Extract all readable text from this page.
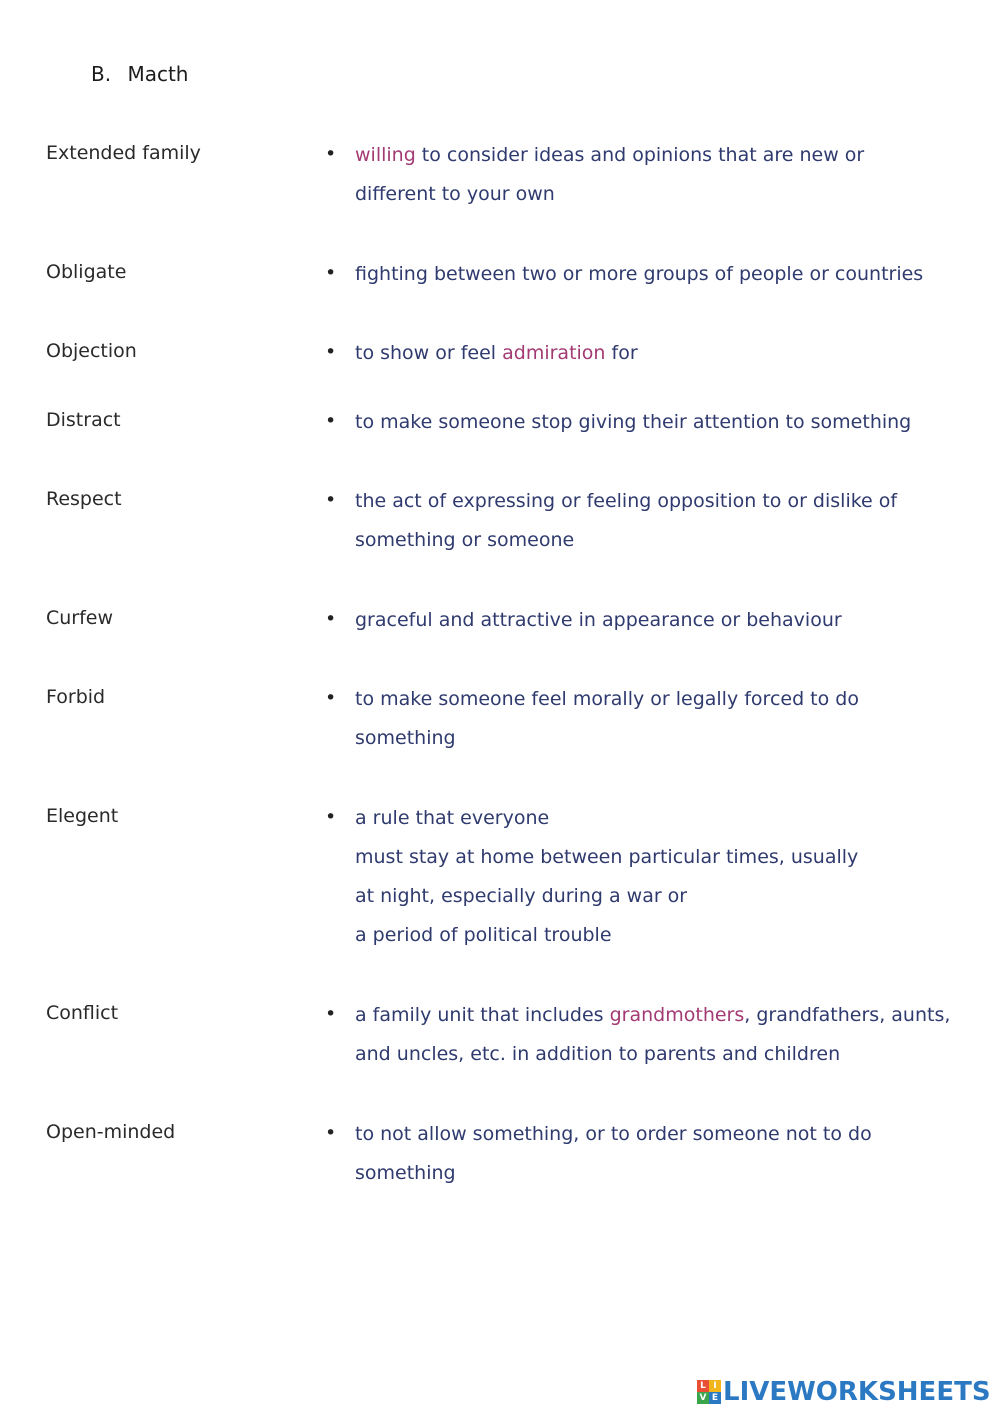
B. Macth
Extended family	• willing to consider ideas and opinions that are new or
different to your own
Obligate	• fighting between two or more groups of people or countries
Objection	• to show or feel admiration for
Distract	• to make someone stop giving their attention to something
Respect	• the act of expressing or feeling opposition to or dislike of
something or someone
Curfew	• graceful and attractive in appearance or behaviour
Forbid	• to make someone feel morally or legally forced to do
something
Elegent	• a rule that everyone
must stay at home between particular times, usually
at night, especially during a war or
a period of political trouble
Conflict	• a family unit that includes grandmothers, grandfathers, aunts,
and uncles, etc. in addition to parents and children
Open-minded	• to not allow something, or to order someone not to do
something
L I
V E LIVEWORKSHEETS
